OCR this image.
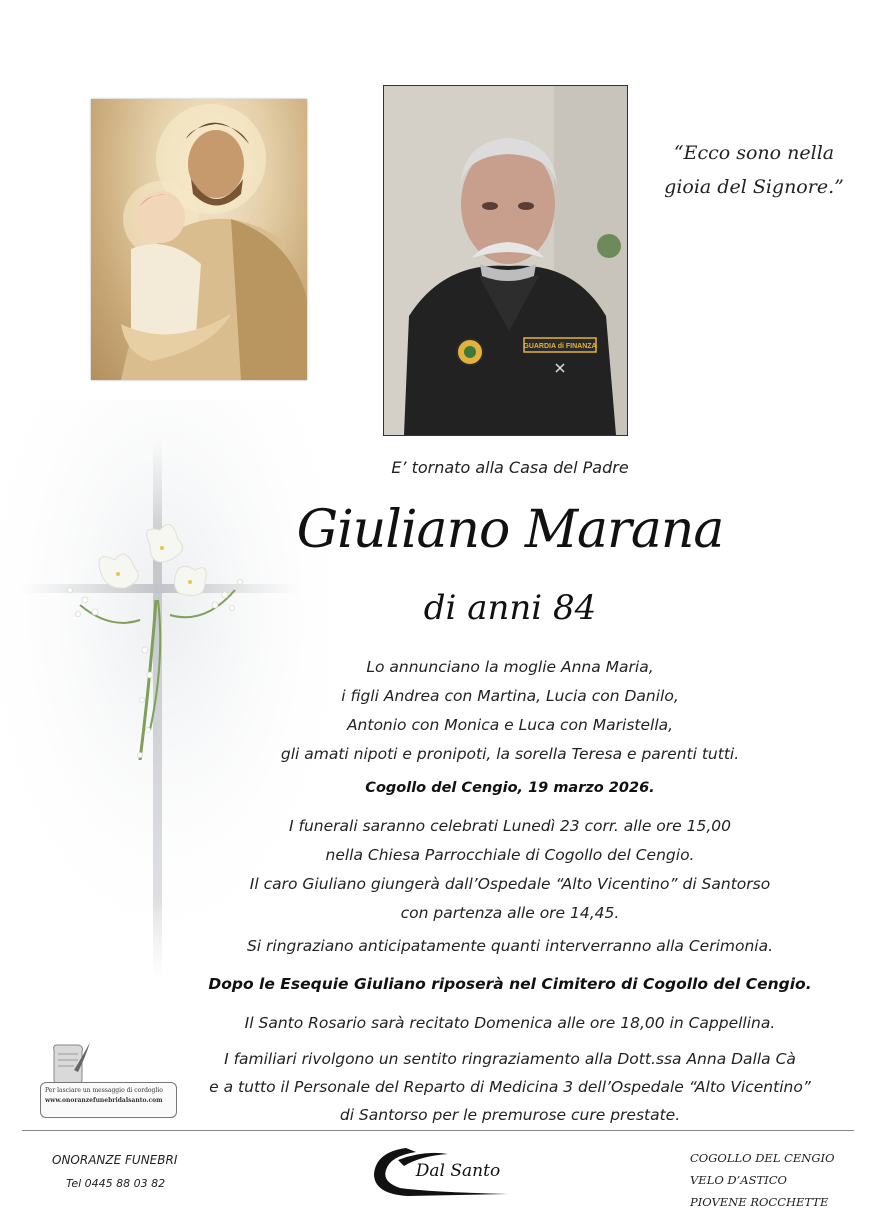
GUARDIA di FINANZA
“Ecco sono nella
gioia del Signore.”
E’ tornato alla Casa del Padre
Giuliano Marana
di anni 84
Lo annunciano la moglie Anna Maria,
i figli Andrea con Martina, Lucia con Danilo,
Antonio con Monica e Luca con Maristella,
gli amati nipoti e pronipoti, la sorella Teresa e parenti tutti.
Cogollo del Cengio, 19 marzo 2026.
I funerali saranno celebrati Lunedì 23 corr. alle ore 15,00
nella Chiesa Parrocchiale di Cogollo del Cengio.
Il caro Giuliano giungerà dall’Ospedale “Alto Vicentino” di Santorso
con partenza alle ore 14,45.
Si ringraziano anticipatamente quanti interverranno alla Cerimonia.
Dopo le Esequie Giuliano riposerà nel Cimitero di Cogollo del Cengio.
Il Santo Rosario sarà recitato Domenica alle ore 18,00 in Cappellina.
I familiari rivolgono un sentito ringraziamento alla Dott.ssa Anna Dalla Cà
e a tutto il Personale del Reparto di Medicina 3 dell’Ospedale “Alto Vicentino”
di Santorso per le premurose cure prestate.
Per lasciare un messaggio di cordoglio
www.onoranzefunebridalsanto.com
ONORANZE FUNEBRI
Tel 0445 88 03 82
Dal Santo
COGOLLO DEL CENGIO
VELO D’ASTICO
PIOVENE ROCCHETTE
